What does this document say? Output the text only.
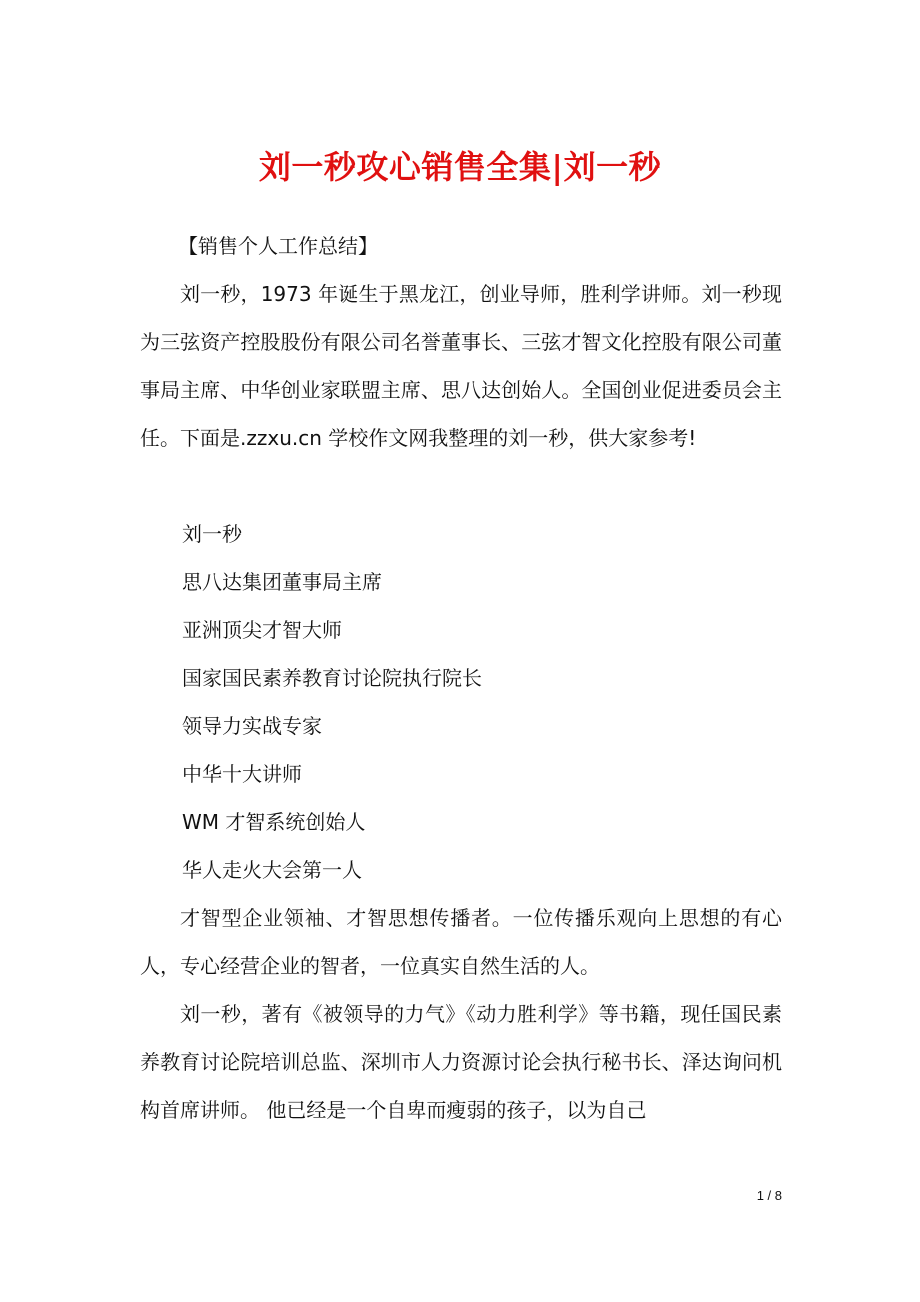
刘一秒攻心销售全集|刘一秒

【销售个人工作总结】

刘一秒，1973 年诞生于黑龙江，创业导师，胜利学讲师。刘一秒现为三弦资产控股股份有限公司名誉董事长、三弦才智文化控股有限公司董事局主席、中华创业家联盟主席、思八达创始人。全国创业促进委员会主任。下面是.zzxu.cn 学校作文网我整理的刘一秒，供大家参考!

刘一秒

思八达集团董事局主席

亚洲顶尖才智大师

国家国民素养教育讨论院执行院长

领导力实战专家

中华十大讲师

WM 才智系统创始人

华人走火大会第一人

才智型企业领袖、才智思想传播者。一位传播乐观向上思想的有心人，专心经营企业的智者，一位真实自然生活的人。

刘一秒，著有《被领导的力气》《动力胜利学》等书籍，现任国民素养教育讨论院培训总监、深圳市人力资源讨论会执行秘书长、泽达询问机构首席讲师。 他已经是一个自卑而瘦弱的孩子，以为自己

1 / 8
